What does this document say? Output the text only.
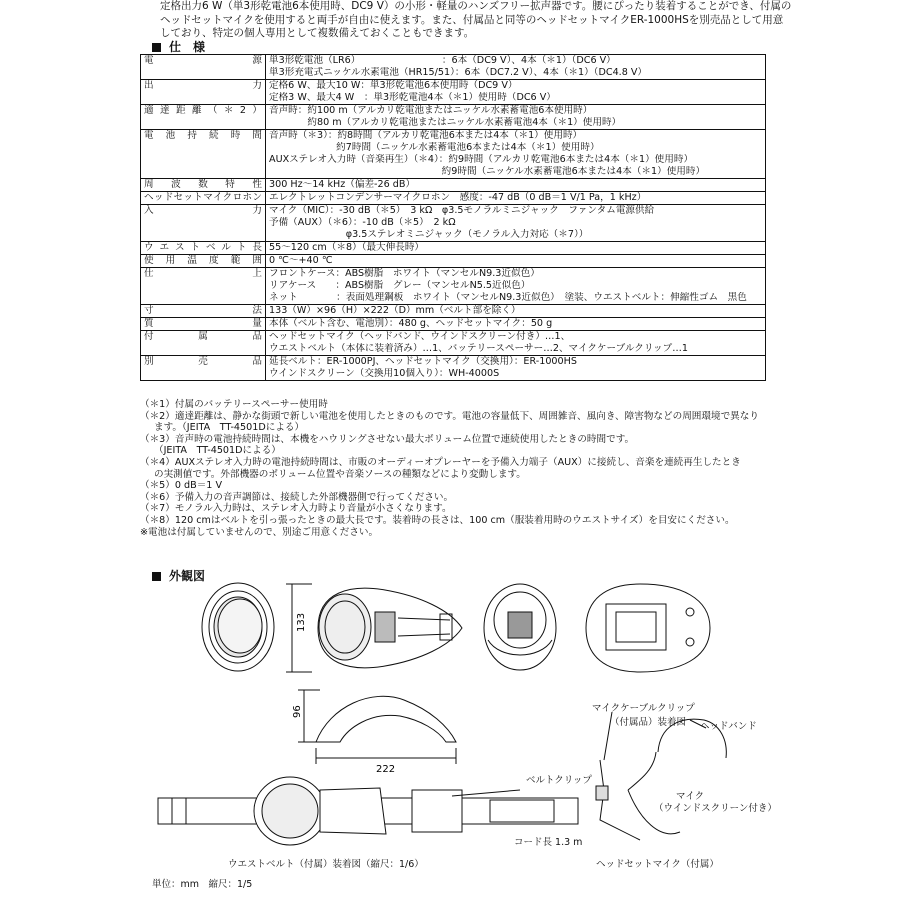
定格出力6 W（単3形乾電池6本使用時、DC9 V）の小形・軽量のハンズフリー拡声器です。腰にぴったり装着することができ、付属の
ヘッドセットマイクを使用すると両手が自由に使えます。また、付属品と同等のヘッドセットマイクER-1000HSを別売品として用意
しており、特定の個人専用として複数備えておくこともできます。
仕　様
電源	単3形乾電池（LR6）　　　　　　　　　：6本（DC9 V）、4本（＊1）（DC6 V）
単3形充電式ニッケル水素電池（HR15/51）：6本（DC7.2 V）、4本（＊1）（DC4.8 V）

出力	定格6 W、最大10 W：単3形乾電池6本使用時（DC9 V）
定格3 W、最大4 W　：単3形乾電池4本（＊1）使用時（DC6 V）

適達距離（＊2）	音声時：約100 m（アルカリ乾電池またはニッケル水素蓄電池6本使用時）
　　　　約80 m（アルカリ乾電池またはニッケル水素蓄電池4本（＊1）使用時）

電池持続時間	音声時（＊3）：約8時間（アルカリ乾電池6本または4本（＊1）使用時）
　　　　　　　約7時間（ニッケル水素蓄電池6本または4本（＊1）使用時）
AUXステレオ入力時（音楽再生）（＊4）：約9時間（アルカリ乾電池6本または4本（＊1）使用時）
　　　　　　　　　　　　　　　　　　約9時間（ニッケル水素蓄電池6本または4本（＊1）使用時）

周波数特性	300 Hz～14 kHz（偏差-26 dB）

ヘッドセットマイクロホン	エレクトレットコンデンサーマイクロホン　感度：-47 dB（0 dB＝1 V/1 Pa，1 kHz）

入力	マイク（MIC）：-30 dB（＊5）　3 kΩ　φ3.5モノラルミニジャック　ファンタム電源供給
予備（AUX）（＊6）：-10 dB（＊5）　2 kΩ
　　　　　　　　φ3.5ステレオミニジャック（モノラル入力対応（＊7））

ウエストベルト長	55～120 cm（＊8）（最大伸長時）

使用温度範囲	0 ℃～+40 ℃

仕上	フロントケース：ABS樹脂　ホワイト（マンセルN9.3近似色）
リアケース　　：ABS樹脂　グレー（マンセルN5.5近似色）
ネット　　　　：表面処理鋼板　ホワイト（マンセルN9.3近似色）　塗装、ウエストベルト：伸縮性ゴム　黒色

寸法	133（W）×96（H）×222（D）mm（ベルト部を除く）

質量	本体（ベルト含む、電池別）：480 g、ヘッドセットマイク：50 g

付属品	ヘッドセットマイク（ヘッドバンド、ウインドスクリーン付き）…1、
ウエストベルト（本体に装着済み）…1、バッテリースペーサー…2、マイクケーブルクリップ…1

別売品	延長ベルト：ER-1000PJ、ヘッドセットマイク（交換用）：ER-1000HS
ウインドスクリーン（交換用10個入り）：WH-4000S
（＊1）付属のバッテリースペーサー使用時
（＊2）適達距離は、静かな街頭で新しい電池を使用したときのものです。電池の容量低下、周囲雑音、風向き、障害物などの周囲環境で異なり
ます。（JEITA　TT-4501Dによる）
（＊3）音声時の電池持続時間は、本機をハウリングさせない最大ボリューム位置で連続使用したときの時間です。
（JEITA　TT-4501Dによる）
（＊4）AUXステレオ入力時の電池持続時間は、市販のオーディーオプレーヤーを予備入力端子（AUX）に接続し、音楽を連続再生したとき
の実測値です。外部機器のボリューム位置や音楽ソースの種類などにより変動します。
（＊5）0 dB＝1 V
（＊6）予備入力の音声調節は、接続した外部機器側で行ってください。
（＊7）モノラル入力時は、ステレオ入力時より音量が小さくなります。
（＊8）120 cmはベルトを引っ張ったときの最大長です。装着時の長さは、100 cm（服装着用時のウエストサイズ）を目安にください。
※電池は付属していませんので、別途ご用意ください。
外観図
133
96
222
ベルトクリップ
マイクケーブルクリップ
（付属品）装着図 ヘッドバンド
マイク
（ウインドスクリーン付き）
コード長 1.3 m
ウエストベルト（付属）装着図（縮尺：1/6）	ヘッドセットマイク（付属）
単位：mm　縮尺：1/5
